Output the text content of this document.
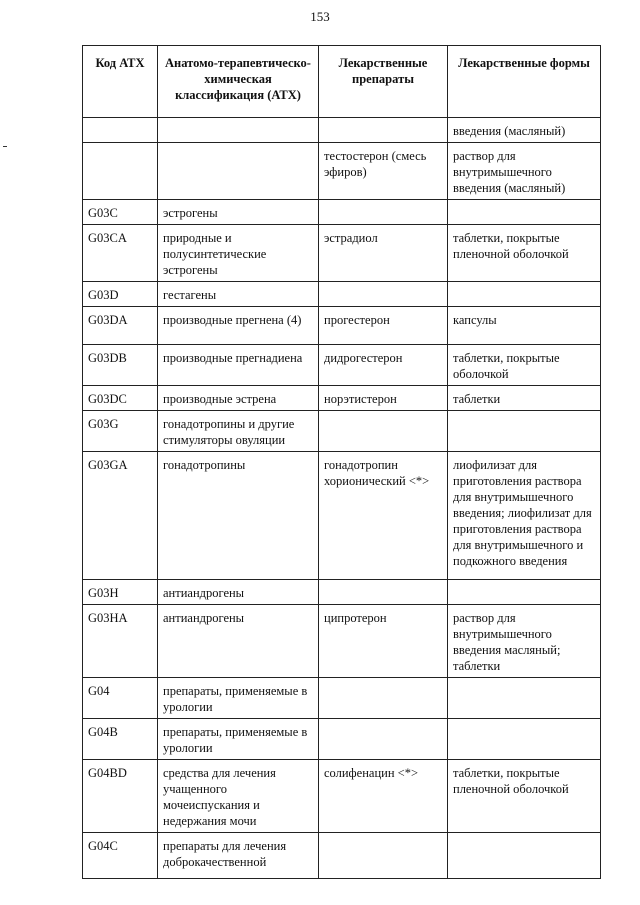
153
Код АТХ	Анатомо-терапевтическо-химическая классификация (АТХ)	Лекарственные препараты	Лекарственные формы
			введения (масляный)
		тестостерон (смесь эфиров)	раствор для внутримышечного введения (масляный)
G03C	эстрогены		
G03CA	природные и полусинтетические эстрогены	эстрадиол	таблетки, покрытые пленочной оболочкой
G03D	гестагены		
G03DA	производные прегнена (4)	прогестерон	капсулы
G03DB	производные прегнадиена	дидрогестерон	таблетки, покрытые оболочкой
G03DC	производные эстрена	норэтистерон	таблетки
G03G	гонадотропины и другие стимуляторы овуляции		
G03GA	гонадотропины	гонадотропин хорионический <*>	лиофилизат для приготовления раствора для внутримышечного введения; лиофилизат для приготовления раствора для внутримышечного и подкожного введения
G03H	антиандрогены		
G03HA	антиандрогены	ципротерон	раствор для внутримышечного введения масляный; таблетки
G04	препараты, применяемые в урологии		
G04B	препараты, применяемые в урологии		
G04BD	средства для лечения учащенного мочеиспускания и недержания мочи	солифенацин <*>	таблетки, покрытые пленочной оболочкой
G04C	препараты для лечения доброкачественной		
